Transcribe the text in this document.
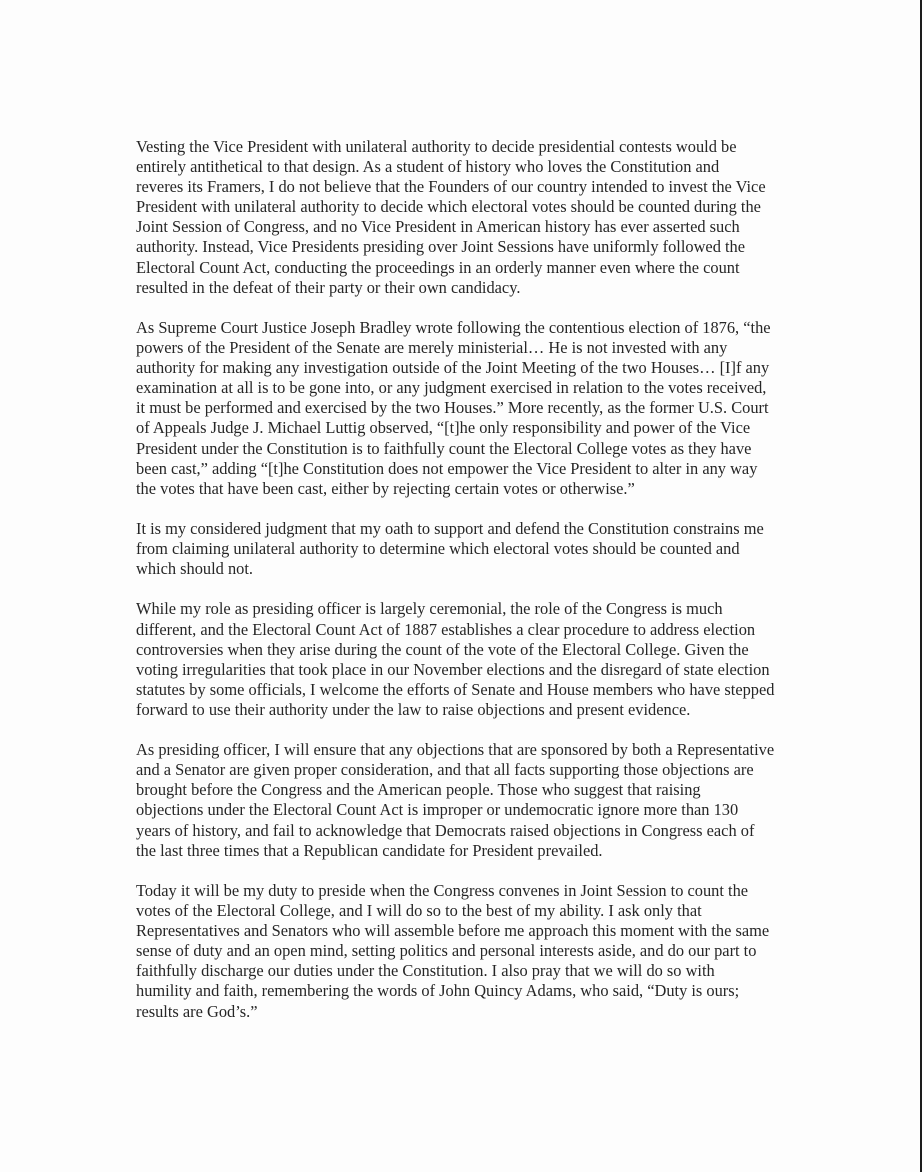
Vesting the Vice President with unilateral authority to decide presidential contests would be
entirely antithetical to that design. As a student of history who loves the Constitution and
reveres its Framers, I do not believe that the Founders of our country intended to invest the Vice
President with unilateral authority to decide which electoral votes should be counted during the
Joint Session of Congress, and no Vice President in American history has ever asserted such
authority. Instead, Vice Presidents presiding over Joint Sessions have uniformly followed the
Electoral Count Act, conducting the proceedings in an orderly manner even where the count
resulted in the defeat of their party or their own candidacy.

As Supreme Court Justice Joseph Bradley wrote following the contentious election of 1876, “the
powers of the President of the Senate are merely ministerial… He is not invested with any
authority for making any investigation outside of the Joint Meeting of the two Houses… [I]f any
examination at all is to be gone into, or any judgment exercised in relation to the votes received,
it must be performed and exercised by the two Houses.” More recently, as the former U.S. Court
of Appeals Judge J. Michael Luttig observed, “[t]he only responsibility and power of the Vice
President under the Constitution is to faithfully count the Electoral College votes as they have
been cast,” adding “[t]he Constitution does not empower the Vice President to alter in any way
the votes that have been cast, either by rejecting certain votes or otherwise.”

It is my considered judgment that my oath to support and defend the Constitution constrains me
from claiming unilateral authority to determine which electoral votes should be counted and
which should not.

While my role as presiding officer is largely ceremonial, the role of the Congress is much
different, and the Electoral Count Act of 1887 establishes a clear procedure to address election
controversies when they arise during the count of the vote of the Electoral College. Given the
voting irregularities that took place in our November elections and the disregard of state election
statutes by some officials, I welcome the efforts of Senate and House members who have stepped
forward to use their authority under the law to raise objections and present evidence.

As presiding officer, I will ensure that any objections that are sponsored by both a Representative
and a Senator are given proper consideration, and that all facts supporting those objections are
brought before the Congress and the American people. Those who suggest that raising
objections under the Electoral Count Act is improper or undemocratic ignore more than 130
years of history, and fail to acknowledge that Democrats raised objections in Congress each of
the last three times that a Republican candidate for President prevailed.

Today it will be my duty to preside when the Congress convenes in Joint Session to count the
votes of the Electoral College, and I will do so to the best of my ability. I ask only that
Representatives and Senators who will assemble before me approach this moment with the same
sense of duty and an open mind, setting politics and personal interests aside, and do our part to
faithfully discharge our duties under the Constitution. I also pray that we will do so with
humility and faith, remembering the words of John Quincy Adams, who said, “Duty is ours;
results are God’s.”
